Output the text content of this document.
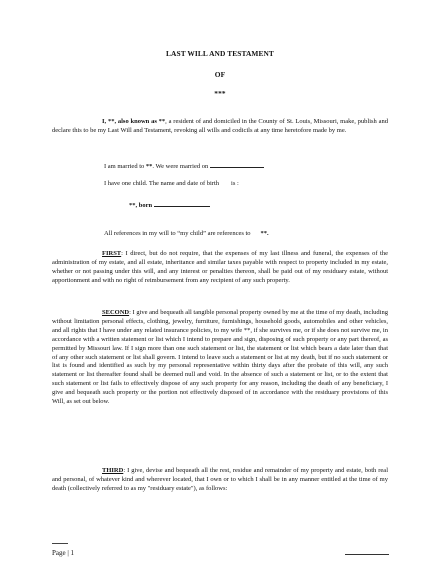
LAST WILL AND TESTAMENT
OF
***
I, **, also known as **, a resident of and domiciled in the County of St. Louis, Missouri, make, publish and declare this to be my Last Will and Testament, revoking all wills and codicils at any time heretofore made by me.
I am married to **. We were married on
I have one child. The name and date of birth is :
**, born
All references in my will to “my child” are references to **.
FIRST: I direct, but do not require, that the expenses of my last illness and funeral, the expenses of the administration of my estate, and all estate, inheritance and similar taxes payable with respect to property included in my estate, whether or not passing under this will, and any interest or penalties thereon, shall be paid out of my residuary estate, without apportionment and with no right of reimbursement from any recipient of any such property.
SECOND: I give and bequeath all tangible personal property owned by me at the time of my death, including without limitation personal effects, clothing, jewelry, furniture, furnishings, household goods, automobiles and other vehicles, and all rights that I have under any related insurance policies, to my wife **, if she survives me, or if she does not survive me, in accordance with a written statement or list which I intend to prepare and sign, disposing of such property or any part thereof, as permitted by Missouri law. If I sign more than one such statement or list, the statement or list which bears a date later than that of any other such statement or list shall govern. I intend to leave such a statement or list at my death, but if no such statement or list is found and identified as such by my personal representative within thirty days after the probate of this will, any such statement or list thereafter found shall be deemed null and void. In the absence of such a statement or list, or to the extent that such statement or list fails to effectively dispose of any such property for any reason, including the death of any beneficiary, I give and bequeath such property or the portion not effectively disposed of in accordance with the residuary provisions of this Will, as set out below.
THIRD: I give, devise and bequeath all the rest, residue and remainder of my property and estate, both real and personal, of whatever kind and wherever located, that I own or to which I shall be in any manner entitled at the time of my death (collectively referred to as my "residuary estate"), as follows:
Page | 1
